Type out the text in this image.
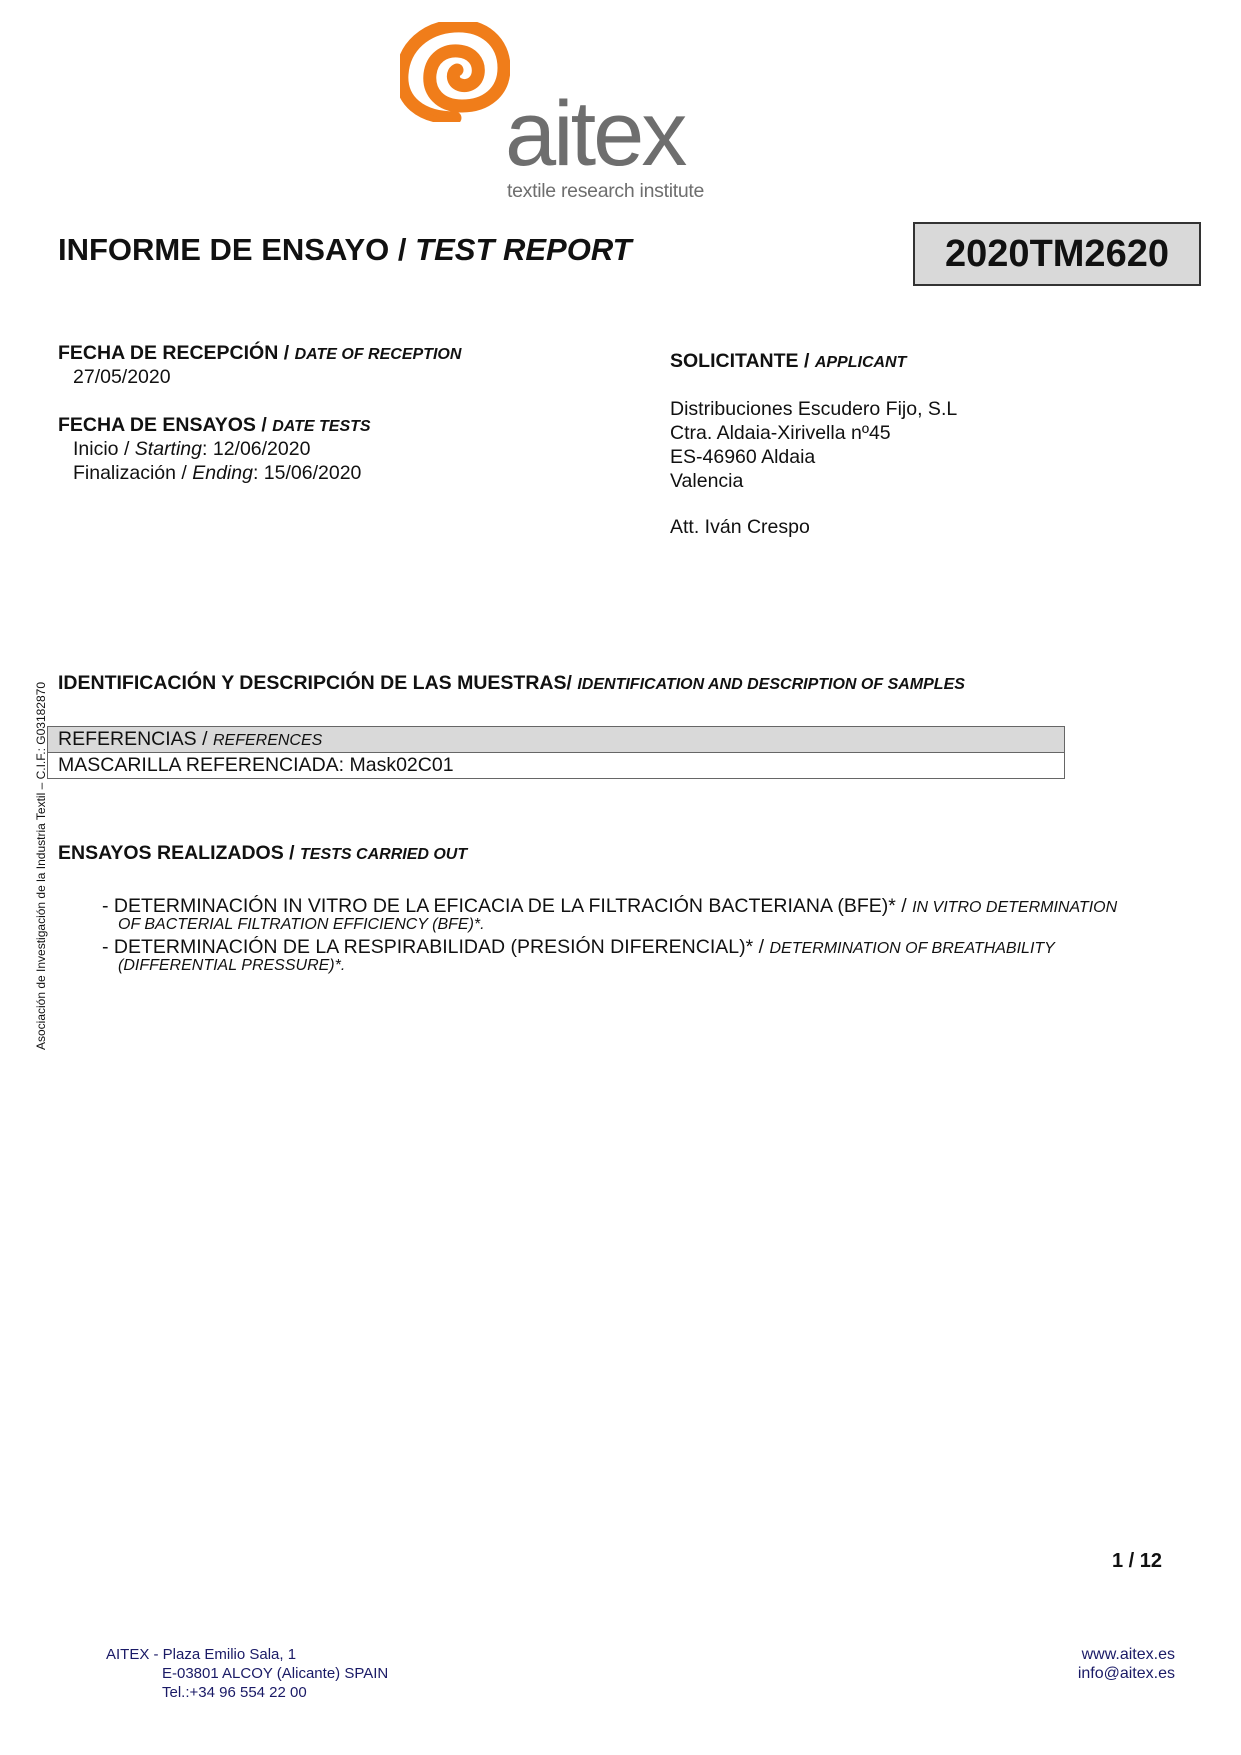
aitex
textile research institute
INFORME DE ENSAYO / TEST REPORT	2020TM2620
FECHA DE RECEPCIÓN / DATE OF RECEPTION
27/05/2020
FECHA DE ENSAYOS / DATE TESTS
Inicio / Starting: 12/06/2020
Finalización / Ending: 15/06/2020
SOLICITANTE / APPLICANT
Distribuciones Escudero Fijo, S.L
Ctra. Aldaia-Xirivella nº45
ES-46960 Aldaia
Valencia
Att. Iván Crespo
Asociación de Investigación de la Industria Textil – C.I.F.: G03182870 IDENTIFICACIÓN Y DESCRIPCIÓN DE LAS MUESTRAS/ IDENTIFICATION AND DESCRIPTION OF SAMPLES
REFERENCIAS / REFERENCES
MASCARILLA REFERENCIADA: Mask02C01
ENSAYOS REALIZADOS / TESTS CARRIED OUT
- DETERMINACIÓN IN VITRO DE LA EFICACIA DE LA FILTRACIÓN BACTERIANA (BFE)* / IN VITRO DETERMINATION
OF BACTERIAL FILTRATION EFFICIENCY (BFE)*.
- DETERMINACIÓN DE LA RESPIRABILIDAD (PRESIÓN DIFERENCIAL)* / DETERMINATION OF BREATHABILITY
(DIFFERENTIAL PRESSURE)*.
1 / 12
AITEX - Plaza Emilio Sala, 1
E-03801 ALCOY (Alicante) SPAIN
Tel.:+34 96 554 22 00
www.aitex.es
info@aitex.es
